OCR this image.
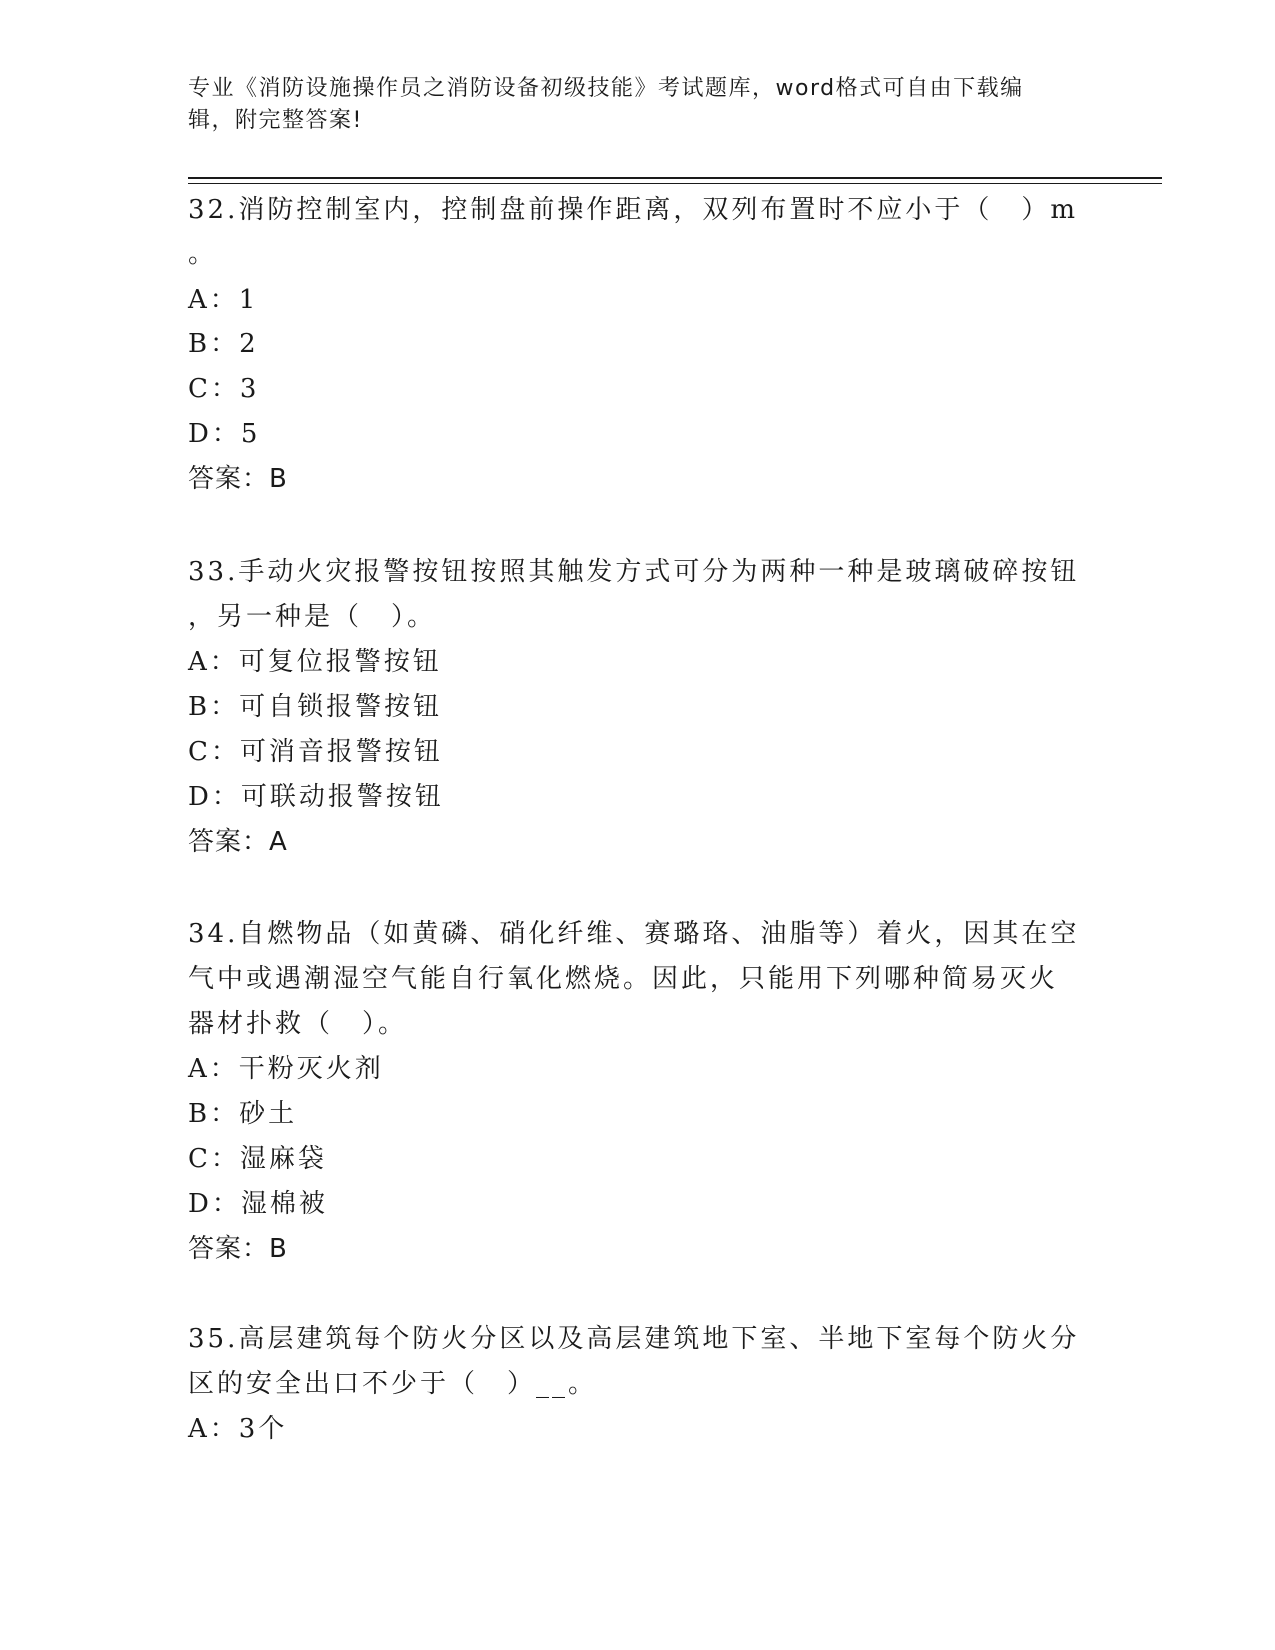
专业《消防设施操作员之消防设备初级技能》考试题库，word格式可自由下载编
辑，附完整答案!
32.消防控制室内，控制盘前操作距离，双列布置时不应小于（　）m
。
A：1
B：2
C：3
D：5
答案：B
33.手动火灾报警按钮按照其触发方式可分为两种一种是玻璃破碎按钮
，另一种是（　）。
A：可复位报警按钮
B：可自锁报警按钮
C：可消音报警按钮
D：可联动报警按钮
答案：A
34.自燃物品（如黄磷、硝化纤维、赛璐珞、油脂等）着火，因其在空
气中或遇潮湿空气能自行氧化燃烧。因此，只能用下列哪种简易灭火
器材扑救（　）。
A：干粉灭火剂
B：砂土
C：湿麻袋
D：湿棉被
答案：B
35.高层建筑每个防火分区以及高层建筑地下室、半地下室每个防火分
区的安全出口不少于（　）__。
A：3个
